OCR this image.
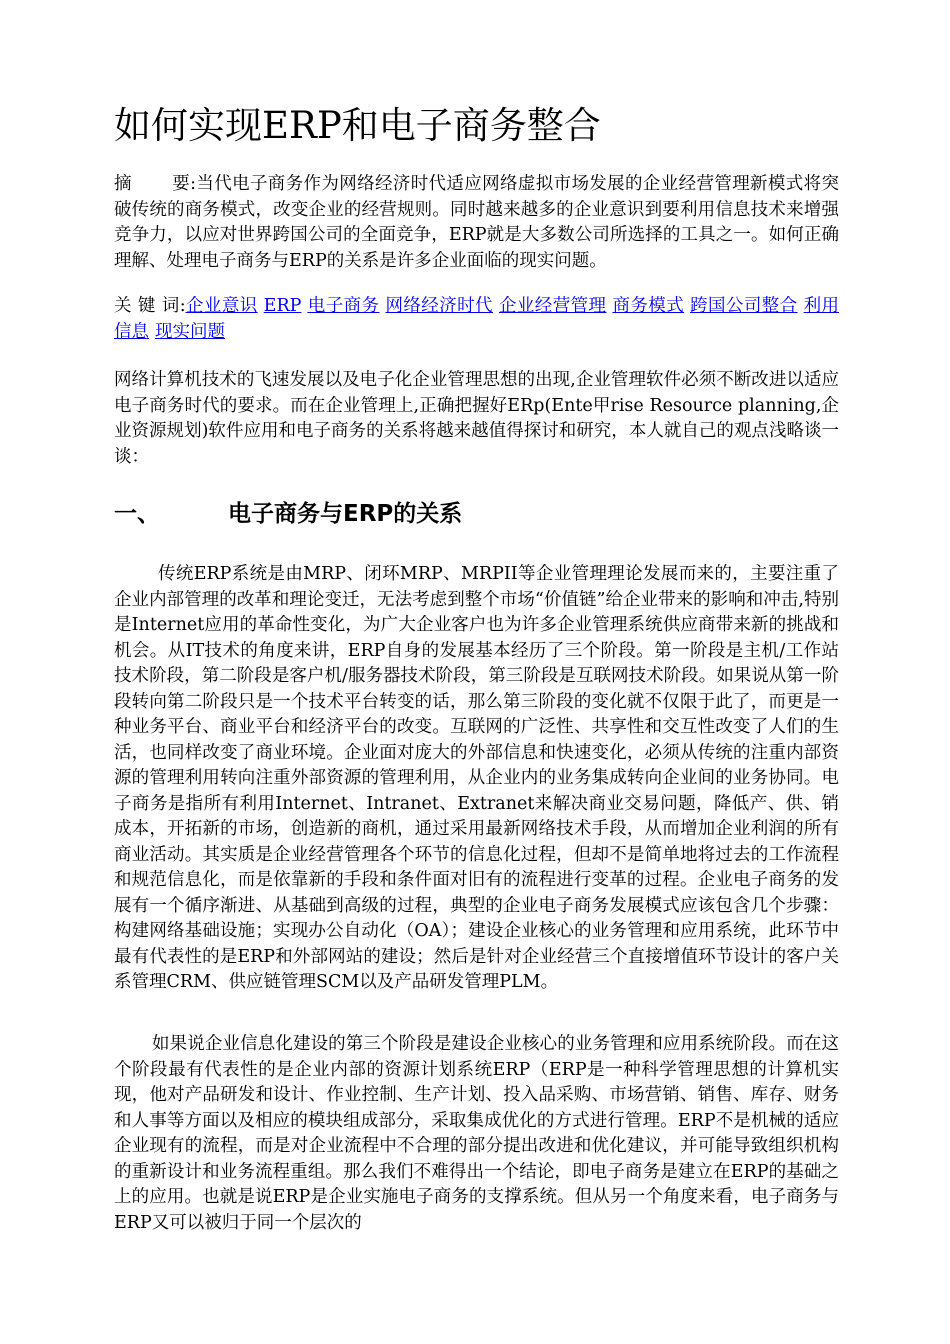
如何实现ERP和电子商务整合

摘 要:当代电子商务作为网络经济时代适应网络虚拟市场发展的企业经营管理新模式将突破传统的商务模式，改变企业的经营规则。同时越来越多的企业意识到要利用信息技术来增强竞争力，以应对世界跨国公司的全面竞争，ERP就是大多数公司所选择的工具之一。如何正确理解、处理电子商务与ERP的关系是许多企业面临的现实问题。

关 键 词:企业意识 ERP 电子商务 网络经济时代 企业经营管理 商务模式 跨国公司整合 利用信息 现实问题

网络计算机技术的飞速发展以及电子化企业管理思想的出现,企业管理软件必须不断改进以适应电子商务时代的要求。而在企业管理上,正确把握好ERp(Ente甲rise Resource planning,企业资源规划)软件应用和电子商务的关系将越来越值得探讨和研究，本人就自己的观点浅略谈一谈：

一、	电子商务与ERP的关系

传统ERP系统是由MRP、闭环MRP、MRPII等企业管理理论发展而来的，主要注重了企业内部管理的改革和理论变迁，无法考虑到整个市场“价值链”给企业带来的影响和冲击,特别是Internet应用的革命性变化，为广大企业客户也为许多企业管理系统供应商带来新的挑战和机会。从IT技术的角度来讲，ERP自身的发展基本经历了三个阶段。第一阶段是主机/工作站技术阶段，第二阶段是客户机/服务器技术阶段，第三阶段是互联网技术阶段。如果说从第一阶段转向第二阶段只是一个技术平台转变的话，那么第三阶段的变化就不仅限于此了，而更是一种业务平台、商业平台和经济平台的改变。互联网的广泛性、共享性和交互性改变了人们的生活，也同样改变了商业环境。企业面对庞大的外部信息和快速变化，必须从传统的注重内部资源的管理利用转向注重外部资源的管理利用，从企业内的业务集成转向企业间的业务协同。电子商务是指所有利用Internet、Intranet、Extranet来解决商业交易问题，降低产、供、销成本，开拓新的市场，创造新的商机，通过采用最新网络技术手段，从而增加企业利润的所有商业活动。其实质是企业经营管理各个环节的信息化过程，但却不是简单地将过去的工作流程和规范信息化，而是依靠新的手段和条件面对旧有的流程进行变革的过程。企业电子商务的发展有一个循序渐进、从基础到高级的过程，典型的企业电子商务发展模式应该包含几个步骤：构建网络基础设施；实现办公自动化（OA）；建设企业核心的业务管理和应用系统，此环节中最有代表性的是ERP和外部网站的建设；然后是针对企业经营三个直接增值环节设计的客户关系管理CRM、供应链管理SCM以及产品研发管理PLM。

如果说企业信息化建设的第三个阶段是建设企业核心的业务管理和应用系统阶段。而在这个阶段最有代表性的是企业内部的资源计划系统ERP（ERP是一种科学管理思想的计算机实现，他对产品研发和设计、作业控制、生产计划、投入品采购、市场营销、销售、库存、财务和人事等方面以及相应的模块组成部分，采取集成优化的方式进行管理。ERP不是机械的适应企业现有的流程，而是对企业流程中不合理的部分提出改进和优化建议，并可能导致组织机构的重新设计和业务流程重组。那么我们不难得出一个结论，即电子商务是建立在ERP的基础之上的应用。也就是说ERP是企业实施电子商务的支撑系统。但从另一个角度来看，电子商务与ERP又可以被归于同一个层次的
